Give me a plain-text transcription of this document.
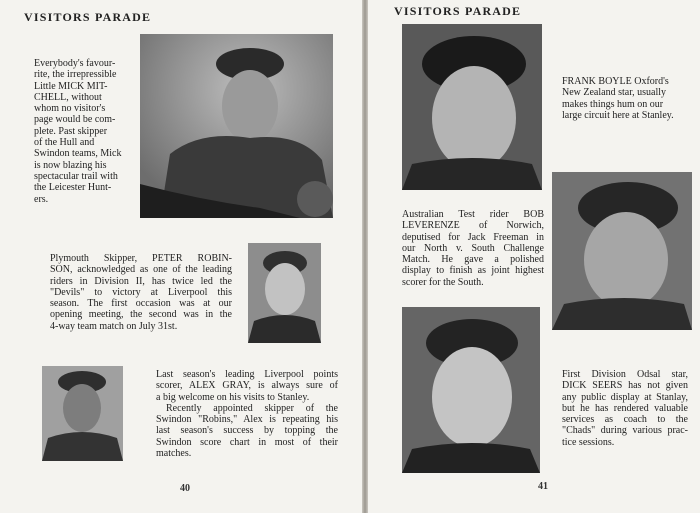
VISITORS PARADE
Everybody's favour-
rite, the irrepressible
Little MICK MIT-
CHELL, without
whom no visitor's
page would be com-
plete. Past skipper
of the Hull and
Swindon teams, Mick
is now blazing his
spectacular trail with
the Leicester Hunt-
ers.
Plymouth Skipper, PETER ROBIN-
SON, acknowledged as one of the leading
riders in Division II, has twice led the
"Devils" to victory at Liverpool this
season. The first occasion was at our
opening meeting, the second was in the
4-way team match on July 31st.
Last season's leading Liverpool points
scorer, ALEX GRAY, is always sure of
a big welcome on his visits to Stanley.
Recently appointed skipper of the
Swindon "Robins," Alex is repeating his
last season's success by topping the
Swindon score chart in most of their
matches.
40
VISITORS PARADE
FRANK BOYLE Oxford's
New Zealand star, usually
makes things hum on our
large circuit here at Stanley.
Australian Test rider BOB
LEVERENZE of Norwich,
deputised for Jack Freeman in
our North v. South Challenge
Match. He gave a polished
display to finish as joint highest
scorer for the South.
First Division Odsal star,
DICK SEERS has not given
any public display at Stanlay,
but he has rendered valuable
services as coach to the
"Chads" during various prac-
tice sessions.
41
